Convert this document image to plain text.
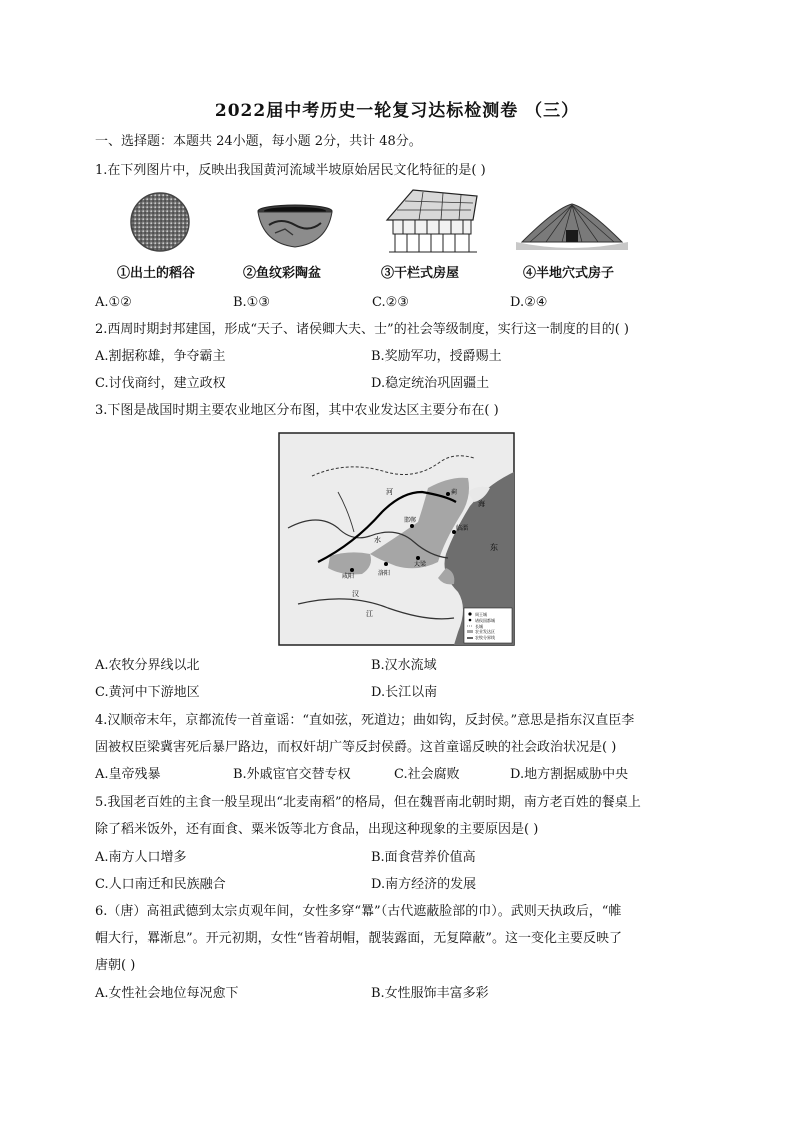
2022届中考历史一轮复习达标检测卷 （三）
一、选择题：本题共 24小题，每小题 2分，共计 48分。
1.在下列图片中，反映出我国黄河流域半坡原始居民文化特征的是( )
①出土的稻谷	②鱼纹彩陶盆	③干栏式房屋	④半地穴式房子
A.①②	B.①③	C.②③	D.②④
2.西周时期封邦建国，形成“天子、诸侯卿大夫、士”的社会等级制度，实行这一制度的目的( )
A.割据称雄，争夺霸主	B.奖励军功，授爵赐土
C.讨伐商纣，建立政权	D.稳定统治巩固疆土
3.下图是战国时期主要农业地区分布图，其中农业发达区主要分布在( )
蓟
邯郸
洛阳
咸阳
大梁
临淄
东
海
河
水
汉
江	周王城
诸侯国都城
长城
农业发达区
农牧分界线
A.农牧分界线以北	B.汉水流域
C.黄河中下游地区	D.长江以南
4.汉顺帝末年，京都流传一首童谣：“直如弦，死道边；曲如钩，反封侯。”意思是指东汉直臣李
固被权臣梁冀害死后暴尸路边，而权奸胡广等反封侯爵。这首童谣反映的社会政治状况是( )
A.皇帝残暴	B.外戚宦官交替专权	C.社会腐败	D.地方割据威胁中央
5.我国老百姓的主食一般呈现出“北麦南稻”的格局，但在魏晋南北朝时期，南方老百姓的餐桌上
除了稻米饭外，还有面食、粟米饭等北方食品，出现这种现象的主要原因是( )
A.南方人口增多	B.面食营养价值高
C.人口南迁和民族融合	D.南方经济的发展
6.（唐）高祖武德到太宗贞观年间，女性多穿“羃”（古代遮蔽脸部的巾）。武则天执政后，“帷
帽大行，羃渐息”。开元初期，女性“皆着胡帽，靓装露面，无复障蔽”。这一变化主要反映了
唐朝( )
A.女性社会地位每况愈下	B.女性服饰丰富多彩
